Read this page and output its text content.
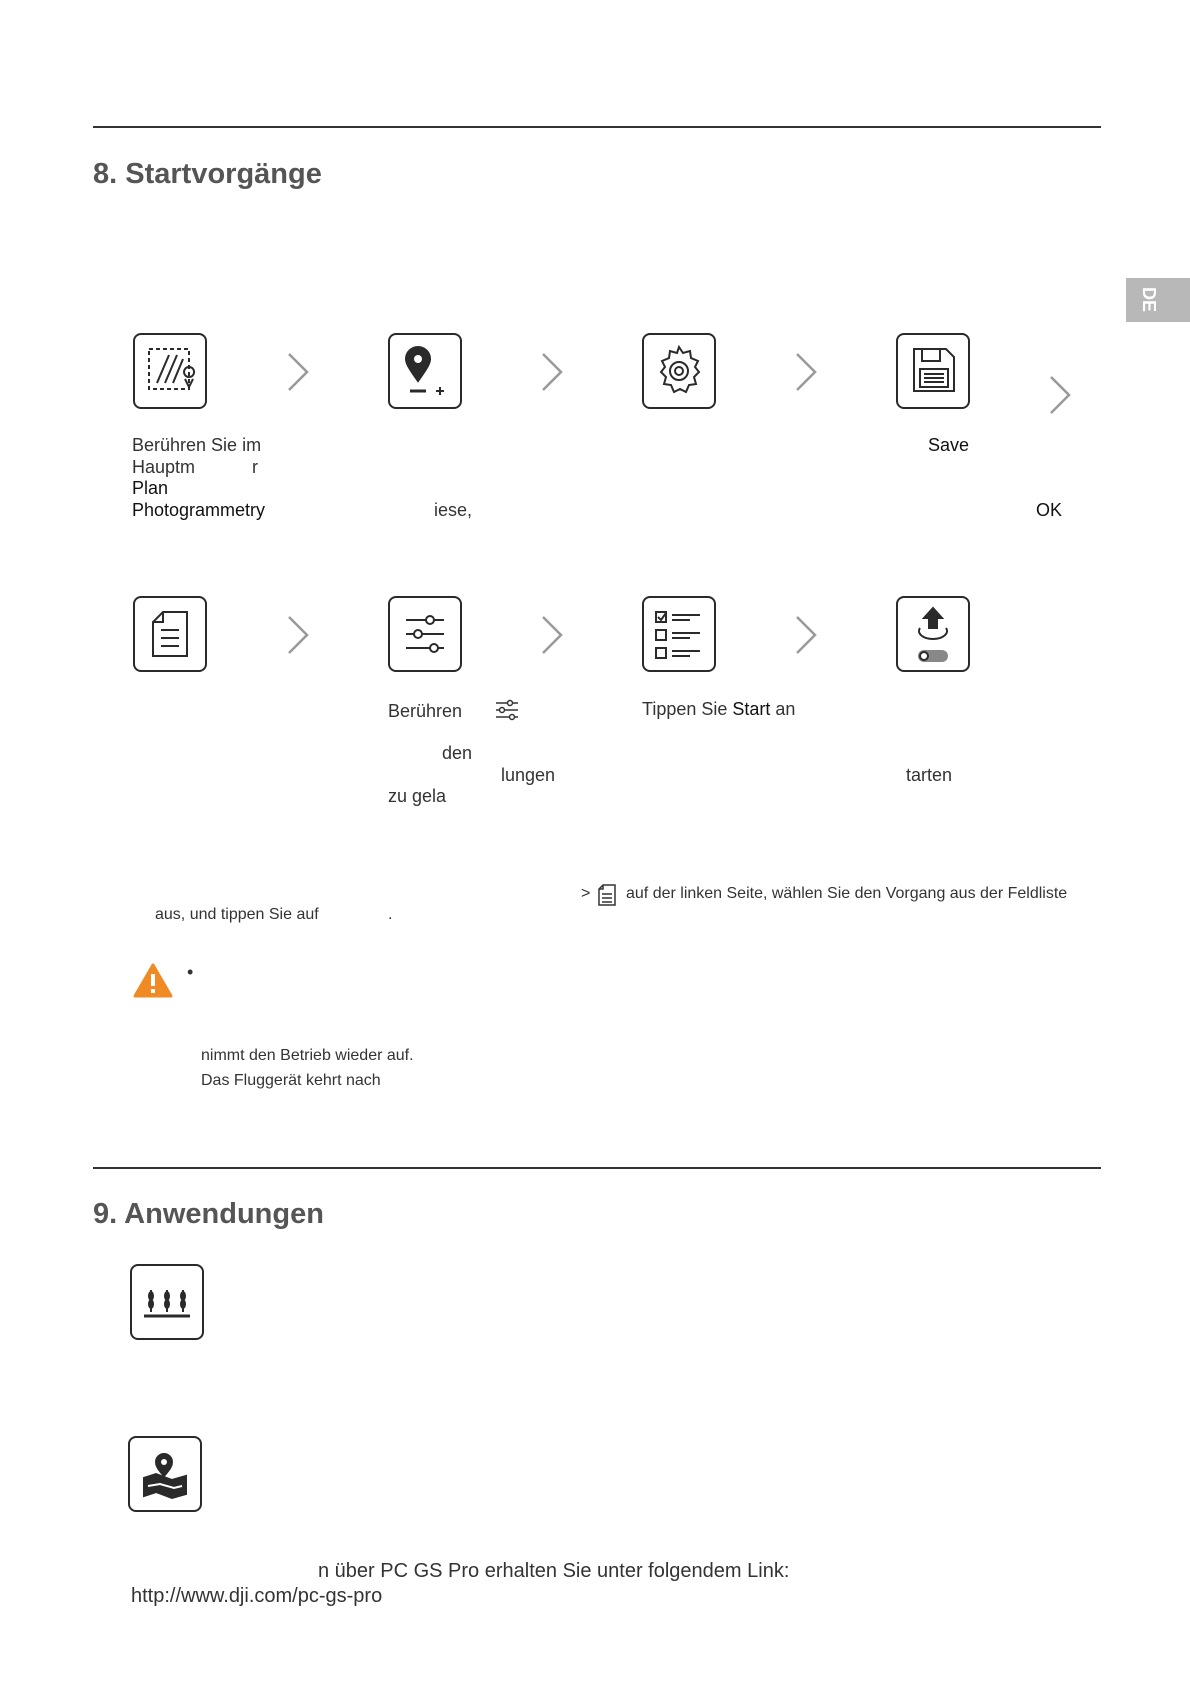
8. Startvorgänge
DE
Berühren Sie im
Hauptm	r
Plan
Photogrammetry	iese,
Save
OK
Berühren
den
lungen
zu gela
Tippen Sie Start an
tarten
> auf der linken Seite, wählen Sie den Vorgang aus der Feldliste
aus, und tippen Sie auf	.
•
nimmt den Betrieb wieder auf.
Das Fluggerät kehrt nach
9. Anwendungen
n über PC GS Pro erhalten Sie unter folgendem Link:
http://www.dji.com/pc-gs-pro
